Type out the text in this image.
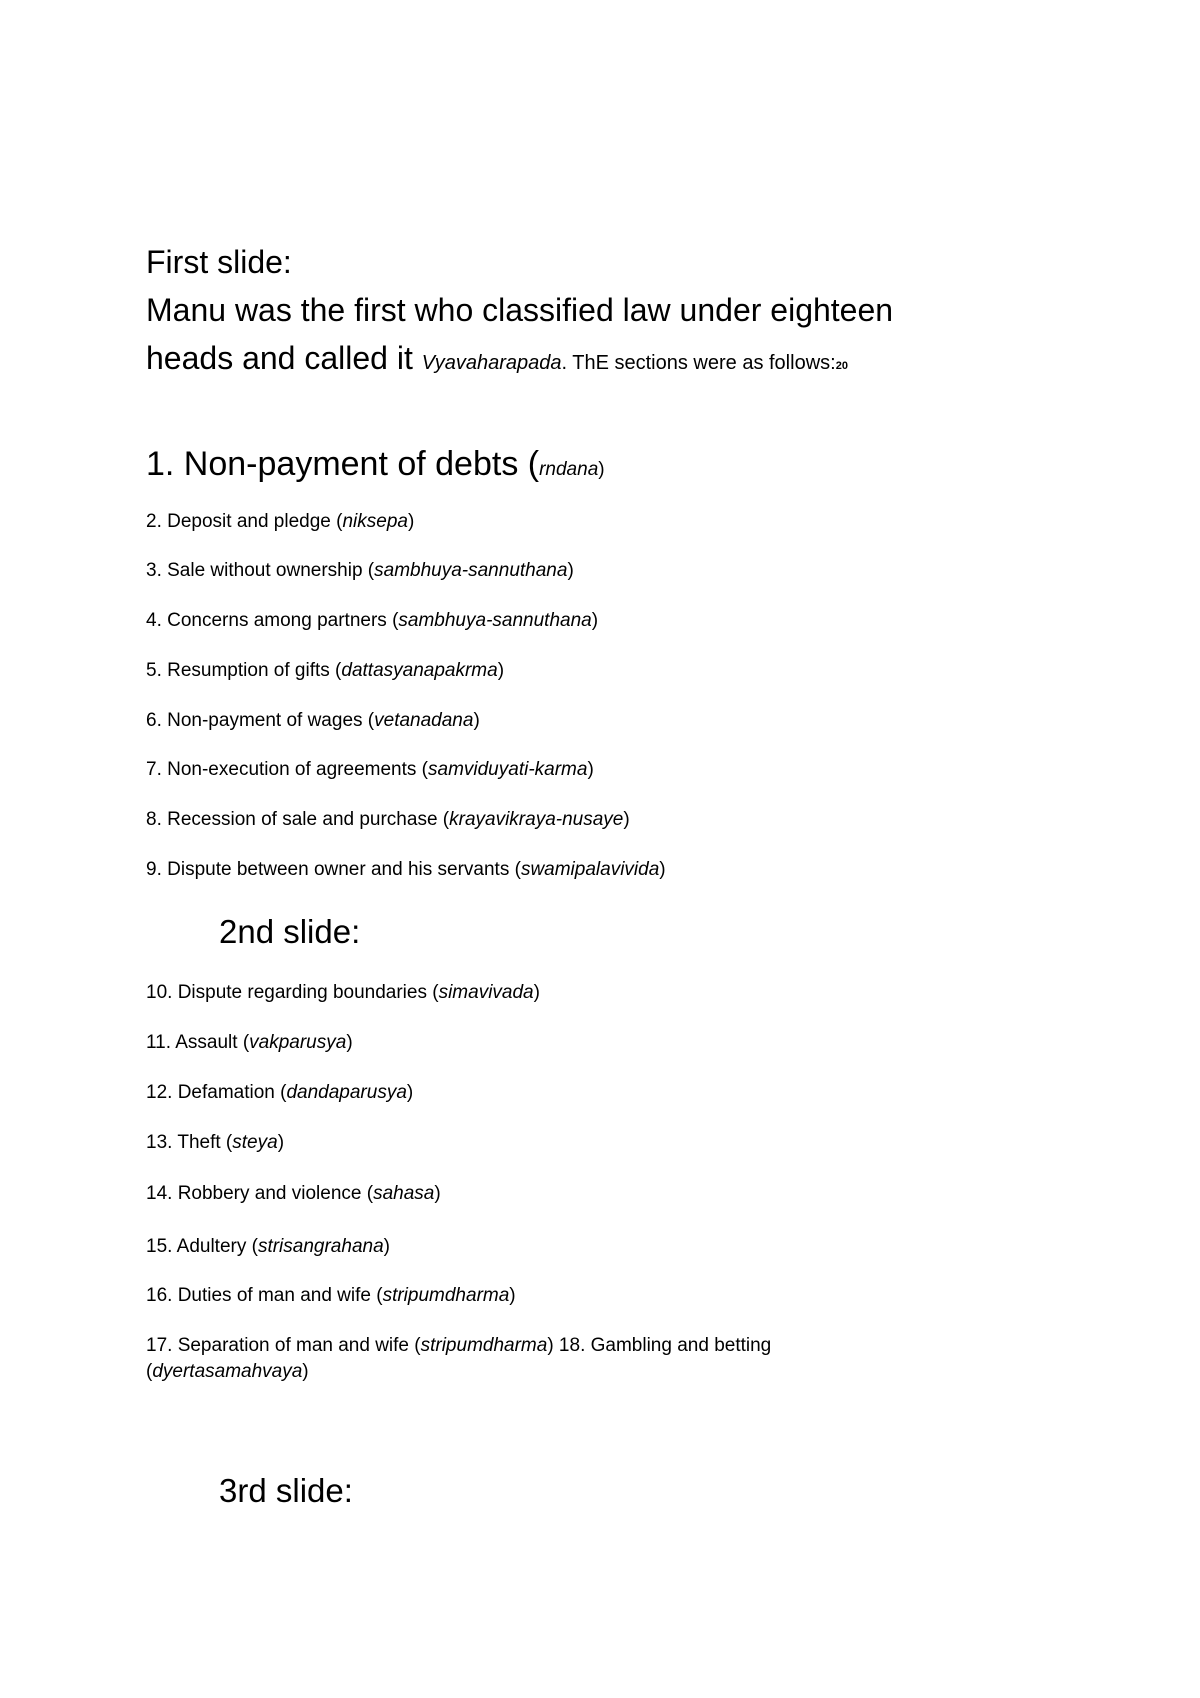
First slide:
Manu was the first who classified law under eighteen
heads and called it Vyavaharapada. ThE sections were as follows:20
1. Non-payment of debts (rndana)
2. Deposit and pledge (niksepa)
3. Sale without ownership (sambhuya-sannuthana)
4. Concerns among partners (sambhuya-sannuthana)
5. Resumption of gifts (dattasyanapakrma)
6. Non-payment of wages (vetanadana)
7. Non-execution of agreements (samviduyati-karma)
8. Recession of sale and purchase (krayavikraya-nusaye)
9. Dispute between owner and his servants (swamipalavivida)
2nd slide:
10. Dispute regarding boundaries (simavivada)
11. Assault (vakparusya)
12. Defamation (dandaparusya)
13. Theft (steya)
14. Robbery and violence (sahasa)
15. Adultery (strisangrahana)
16. Duties of man and wife (stripumdharma)
17. Separation of man and wife (stripumdharma) 18. Gambling and betting
(dyertasamahvaya)
3rd slide:
